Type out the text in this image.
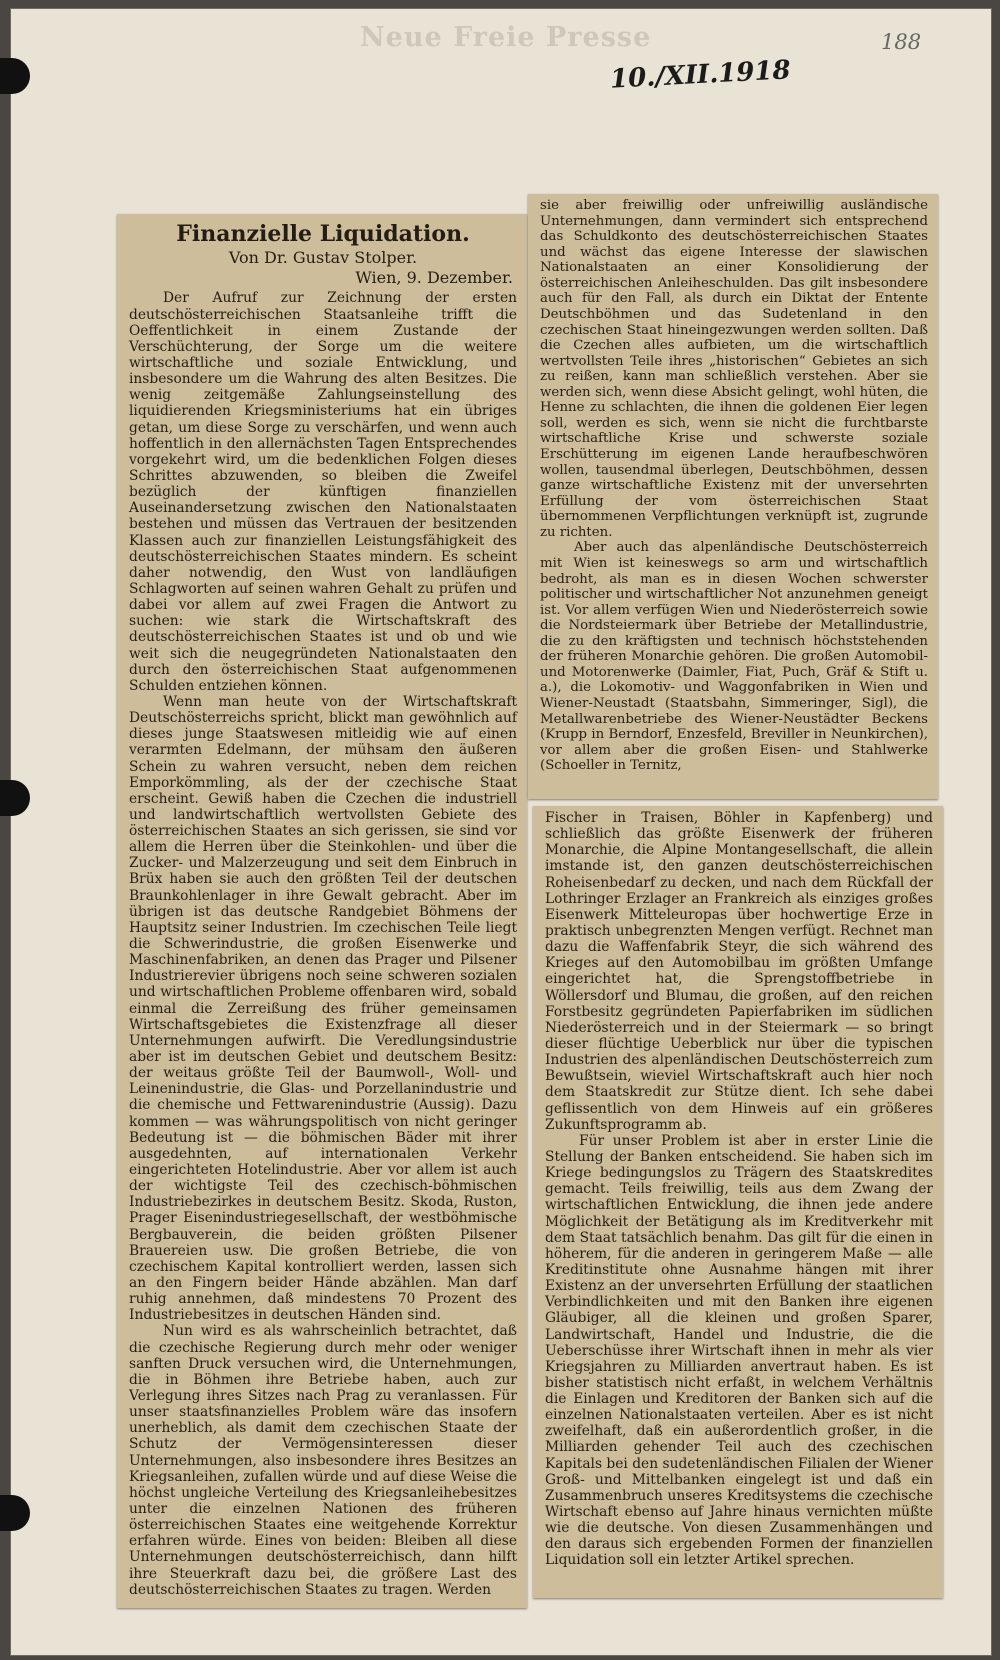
Neue Freie Presse	188
10./XII.1918
Finanzielle Liquidation.
Von Dr. Gustav Stolper.
Wien, 9. Dezember.

Der Aufruf zur Zeichnung der ersten deutschösterreichischen Staatsanleihe trifft die Oeffentlichkeit in einem Zustande der Verschüchterung, der Sorge um die weitere wirtschaftliche und soziale Entwicklung, und insbesondere um die Wahrung des alten Besitzes. Die wenig zeitgemäße Zahlungseinstellung des liquidierenden Kriegsministeriums hat ein übriges getan, um diese Sorge zu verschärfen, und wenn auch hoffentlich in den allernächsten Tagen Entsprechendes vorgekehrt wird, um die bedenklichen Folgen dieses Schrittes abzuwenden, so bleiben die Zweifel bezüglich der künftigen finanziellen Auseinandersetzung zwischen den Nationalstaaten bestehen und müssen das Vertrauen der besitzenden Klassen auch zur finanziellen Leistungsfähigkeit des deutschösterreichischen Staates mindern. Es scheint daher notwendig, den Wust von landläufigen Schlagworten auf seinen wahren Gehalt zu prüfen und dabei vor allem auf zwei Fragen die Antwort zu suchen: wie stark die Wirtschaftskraft des deutschösterreichischen Staates ist und ob und wie weit sich die neugegründeten Nationalstaaten den durch den österreichischen Staat aufgenommenen Schulden entziehen können.

Wenn man heute von der Wirtschaftskraft Deutschösterreichs spricht, blickt man gewöhnlich auf dieses junge Staatswesen mitleidig wie auf einen verarmten Edelmann, der mühsam den äußeren Schein zu wahren versucht, neben dem reichen Emporkömmling, als der der czechische Staat erscheint. Gewiß haben die Czechen die industriell und landwirtschaftlich wertvollsten Gebiete des österreichischen Staates an sich gerissen, sie sind vor allem die Herren über die Steinkohlen- und über die Zucker- und Malzerzeugung und seit dem Einbruch in Brüx haben sie auch den größten Teil der deutschen Braunkohlenlager in ihre Gewalt gebracht. Aber im übrigen ist das deutsche Randgebiet Böhmens der Hauptsitz seiner Industrien. Im czechischen Teile liegt die Schwerindustrie, die großen Eisenwerke und Maschinenfabriken, an denen das Prager und Pilsener Industrierevier übrigens noch seine schweren sozialen und wirtschaftlichen Probleme offenbaren wird, sobald einmal die Zerreißung des früher gemeinsamen Wirtschaftsgebietes die Existenzfrage all dieser Unternehmungen aufwirft. Die Veredlungsindustrie aber ist im deutschen Gebiet und deutschem Besitz: der weitaus größte Teil der Baumwoll-, Woll- und Leinenindustrie, die Glas- und Porzellanindustrie und die chemische und Fettwarenindustrie (Aussig). Dazu kommen — was währungspolitisch von nicht geringer Bedeutung ist — die böhmischen Bäder mit ihrer ausgedehnten, auf internationalen Verkehr eingerichteten Hotelindustrie. Aber vor allem ist auch der wichtigste Teil des czechisch-böhmischen Industriebezirkes in deutschem Besitz. Skoda, Ruston, Prager Eisenindustriegesellschaft, der westböhmische Bergbauverein, die beiden größten Pilsener Brauereien usw. Die großen Betriebe, die von czechischem Kapital kontrolliert werden, lassen sich an den Fingern beider Hände abzählen. Man darf ruhig annehmen, daß mindestens 70 Prozent des Industriebesitzes in deutschen Händen sind.

Nun wird es als wahrscheinlich betrachtet, daß die czechische Regierung durch mehr oder weniger sanften Druck versuchen wird, die Unternehmungen, die in Böhmen ihre Betriebe haben, auch zur Verlegung ihres Sitzes nach Prag zu veranlassen. Für unser staatsfinanzielles Problem wäre das insofern unerheblich, als damit dem czechischen Staate der Schutz der Vermögensinteressen dieser Unternehmungen, also insbesondere ihres Besitzes an Kriegsanleihen, zufallen würde und auf diese Weise die höchst ungleiche Verteilung des Kriegsanleihebesitzes unter die einzelnen Nationen des früheren österreichischen Staates eine weitgehende Korrektur erfahren würde. Eines von beiden: Bleiben all diese Unternehmungen deutschösterreichisch, dann hilft ihre Steuerkraft dazu bei, die größere Last des deutschösterreichischen Staates zu tragen. Werden

sie aber freiwillig oder unfreiwillig ausländische Unternehmungen, dann vermindert sich entsprechend das Schuldkonto des deutschösterreichischen Staates und wächst das eigene Interesse der slawischen Nationalstaaten an einer Konsolidierung der österreichischen Anleiheschulden. Das gilt insbesondere auch für den Fall, als durch ein Diktat der Entente Deutschböhmen und das Sudetenland in den czechischen Staat hineingezwungen werden sollten. Daß die Czechen alles aufbieten, um die wirtschaftlich wertvollsten Teile ihres „historischen“ Gebietes an sich zu reißen, kann man schließlich verstehen. Aber sie werden sich, wenn diese Absicht gelingt, wohl hüten, die Henne zu schlachten, die ihnen die goldenen Eier legen soll, werden es sich, wenn sie nicht die furchtbarste wirtschaftliche Krise und schwerste soziale Erschütterung im eigenen Lande heraufbeschwören wollen, tausendmal überlegen, Deutschböhmen, dessen ganze wirtschaftliche Existenz mit der unversehrten Erfüllung der vom österreichischen Staat übernommenen Verpflichtungen verknüpft ist, zugrunde zu richten.

Aber auch das alpenländische Deutschösterreich mit Wien ist keineswegs so arm und wirtschaftlich bedroht, als man es in diesen Wochen schwerster politischer und wirtschaftlicher Not anzunehmen geneigt ist. Vor allem verfügen Wien und Niederösterreich sowie die Nordsteiermark über Betriebe der Metallindustrie, die zu den kräftigsten und technisch höchststehenden der früheren Monarchie gehören. Die großen Automobil- und Motorenwerke (Daimler, Fiat, Puch, Gräf & Stift u. a.), die Lokomotiv- und Waggonfabriken in Wien und Wiener-Neustadt (Staatsbahn, Simmeringer, Sigl), die Metallwarenbetriebe des Wiener-Neustädter Beckens (Krupp in Berndorf, Enzesfeld, Breviller in Neunkirchen), vor allem aber die großen Eisen- und Stahlwerke (Schoeller in Ternitz,

Fischer in Traisen, Böhler in Kapfenberg) und schließlich das größte Eisenwerk der früheren Monarchie, die Alpine Montangesellschaft, die allein imstande ist, den ganzen deutschösterreichischen Roheisenbedarf zu decken, und nach dem Rückfall der Lothringer Erzlager an Frankreich als einziges großes Eisenwerk Mitteleuropas über hochwertige Erze in praktisch unbegrenzten Mengen verfügt. Rechnet man dazu die Waffenfabrik Steyr, die sich während des Krieges auf den Automobilbau im größten Umfange eingerichtet hat, die Sprengstoffbetriebe in Wöllersdorf und Blumau, die großen, auf den reichen Forstbesitz gegründeten Papierfabriken im südlichen Niederösterreich und in der Steiermark — so bringt dieser flüchtige Ueberblick nur über die typischen Industrien des alpenländischen Deutschösterreich zum Bewußtsein, wieviel Wirtschaftskraft auch hier noch dem Staatskredit zur Stütze dient. Ich sehe dabei geflissentlich von dem Hinweis auf ein größeres Zukunftsprogramm ab.

Für unser Problem ist aber in erster Linie die Stellung der Banken entscheidend. Sie haben sich im Kriege bedingungslos zu Trägern des Staatskredites gemacht. Teils freiwillig, teils aus dem Zwang der wirtschaftlichen Entwicklung, die ihnen jede andere Möglichkeit der Betätigung als im Kreditverkehr mit dem Staat tatsächlich benahm. Das gilt für die einen in höherem, für die anderen in geringerem Maße — alle Kreditinstitute ohne Ausnahme hängen mit ihrer Existenz an der unversehrten Erfüllung der staatlichen Verbindlichkeiten und mit den Banken ihre eigenen Gläubiger, all die kleinen und großen Sparer, Landwirtschaft, Handel und Industrie, die die Ueberschüsse ihrer Wirtschaft ihnen in mehr als vier Kriegsjahren zu Milliarden anvertraut haben. Es ist bisher statistisch nicht erfaßt, in welchem Verhältnis die Einlagen und Kreditoren der Banken sich auf die einzelnen Nationalstaaten verteilen. Aber es ist nicht zweifelhaft, daß ein außerordentlich großer, in die Milliarden gehender Teil auch des czechischen Kapitals bei den sudetenländischen Filialen der Wiener Groß- und Mittelbanken eingelegt ist und daß ein Zusammenbruch unseres Kreditsystems die czechische Wirtschaft ebenso auf Jahre hinaus vernichten müßte wie die deutsche. Von diesen Zusammenhängen und den daraus sich ergebenden Formen der finanziellen Liquidation soll ein letzter Artikel sprechen.
